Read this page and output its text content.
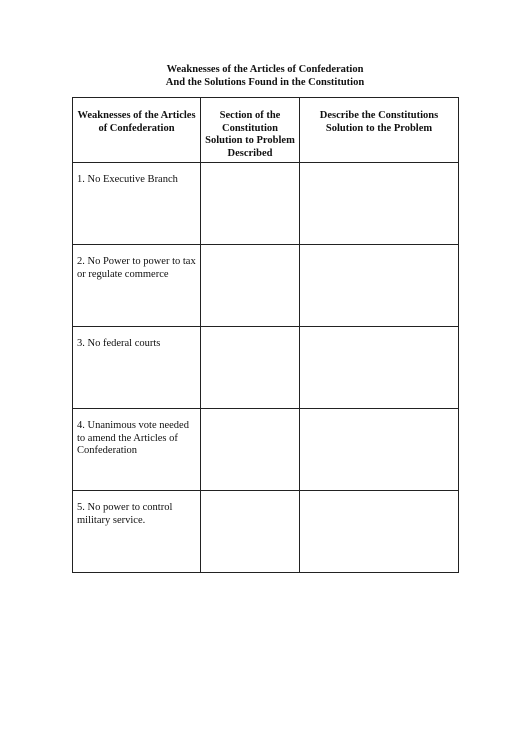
Weaknesses of the Articles of Confederation
And the Solutions Found in the Constitution
Weaknesses of the Articles of Confederation	Section of the Constitution Solution to Problem Described	Describe the Constitutions Solution to the Problem
1. No Executive Branch		
2. No Power to power to tax or regulate commerce		
3. No federal courts		
4. Unanimous vote needed to amend the Articles of Confederation		
5. No power to control military service.		
